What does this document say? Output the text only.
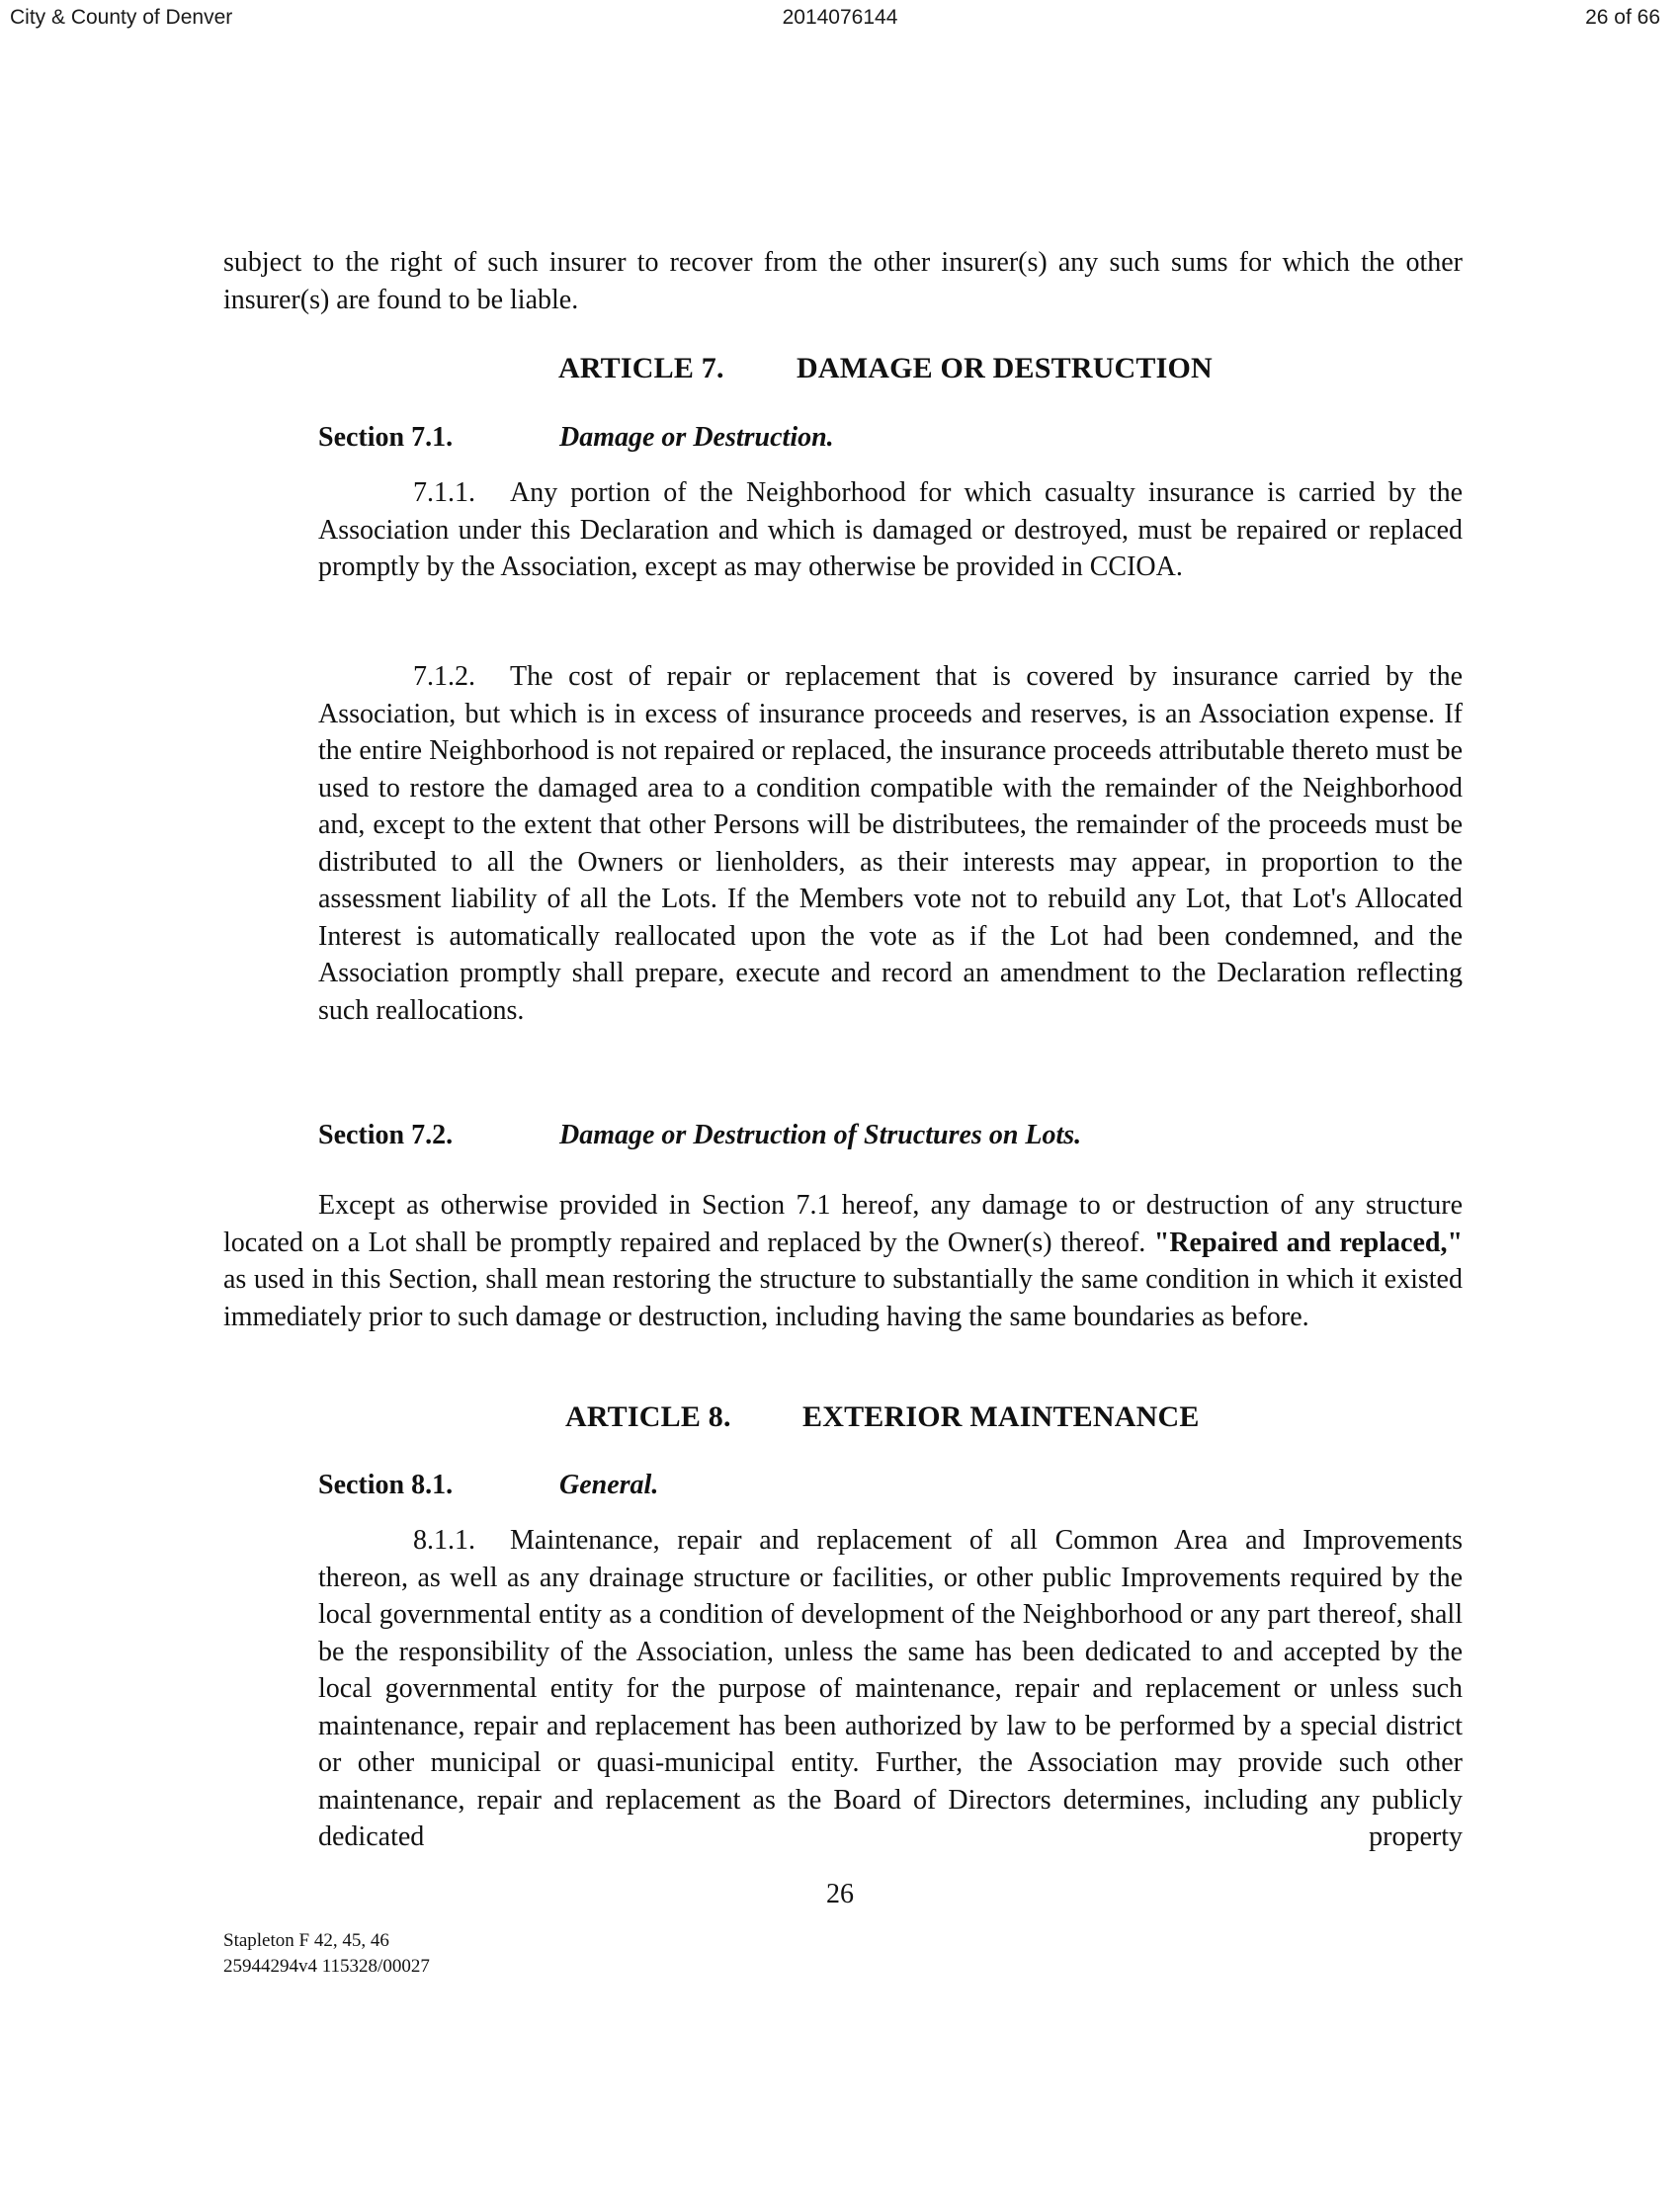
City & County of Denver	2014076144	26 of 66
subject to the right of such insurer to recover from the other insurer(s) any such sums for which the other insurer(s) are found to be liable.
ARTICLE 7. DAMAGE OR DESTRUCTION
Section 7.1.	Damage or Destruction.
7.1.1. Any portion of the Neighborhood for which casualty insurance is carried by the Association under this Declaration and which is damaged or destroyed, must be repaired or replaced promptly by the Association, except as may otherwise be provided in CCIOA.
7.1.2. The cost of repair or replacement that is covered by insurance carried by the Association, but which is in excess of insurance proceeds and reserves, is an Association expense. If the entire Neighborhood is not repaired or replaced, the insurance proceeds attributable thereto must be used to restore the damaged area to a condition compatible with the remainder of the Neighborhood and, except to the extent that other Persons will be distributees, the remainder of the proceeds must be distributed to all the Owners or lienholders, as their interests may appear, in proportion to the assessment liability of all the Lots. If the Members vote not to rebuild any Lot, that Lot's Allocated Interest is automatically reallocated upon the vote as if the Lot had been condemned, and the Association promptly shall prepare, execute and record an amendment to the Declaration reflecting such reallocations.
Section 7.2.	Damage or Destruction of Structures on Lots.
Except as otherwise provided in Section 7.1 hereof, any damage to or destruction of any structure located on a Lot shall be promptly repaired and replaced by the Owner(s) thereof. "Repaired and replaced," as used in this Section, shall mean restoring the structure to substantially the same condition in which it existed immediately prior to such damage or destruction, including having the same boundaries as before.
ARTICLE 8. EXTERIOR MAINTENANCE
Section 8.1.	General.
8.1.1. Maintenance, repair and replacement of all Common Area and Improvements thereon, as well as any drainage structure or facilities, or other public Improvements required by the local governmental entity as a condition of development of the Neighborhood or any part thereof, shall be the responsibility of the Association, unless the same has been dedicated to and accepted by the local governmental entity for the purpose of maintenance, repair and replacement or unless such maintenance, repair and replacement has been authorized by law to be performed by a special district or other municipal or quasi-municipal entity. Further, the Association may provide such other maintenance, repair and replacement as the Board of Directors determines, including any publicly dedicated property
26
Stapleton F 42, 45, 46
25944294v4 115328/00027
